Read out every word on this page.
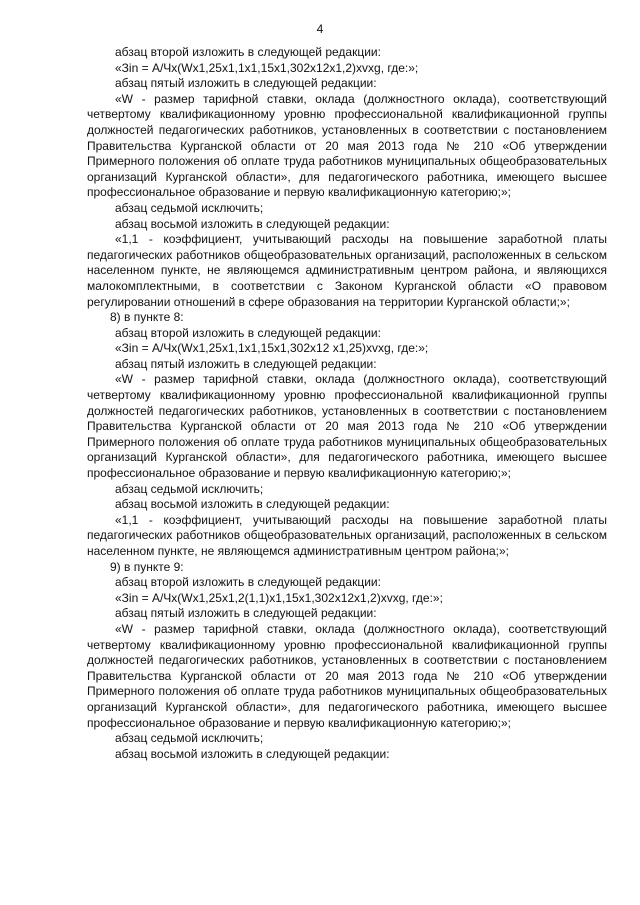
4

абзац второй изложить в следующей редакции:

«Зin = А/Чх(Wx1,25x1,1x1,15x1,302x12x1,2)xvxg, где:»;

абзац пятый изложить в следующей редакции:

«W - размер тарифной ставки, оклада (должностного оклада), соответствующий четвертому квалификационному уровню профессиональной квалификационной группы должностей педагогических работников, установленных в соответствии с постановлением Правительства Курганской области от 20 мая 2013 года № 210 «Об утверждении Примерного положения об оплате труда работников муниципальных общеобразовательных организаций Курганской области», для педагогического работника, имеющего высшее профессиональное образование и первую квалификационную категорию;»;

абзац седьмой исключить;

абзац восьмой изложить в следующей редакции:

«1,1 - коэффициент, учитывающий расходы на повышение заработной платы педагогических работников общеобразовательных организаций, расположенных в сельском населенном пункте, не являющемся административным центром района, и являющихся малокомплектными, в соответствии с Законом Курганской области «О правовом регулировании отношений в сфере образования на территории Курганской области;»;

8) в пункте 8:

абзац второй изложить в следующей редакции:

«Зin = А/Чх(Wx1,25x1,1x1,15x1,302x12 x1,25)xvxg, где:»;

абзац пятый изложить в следующей редакции:

«W - размер тарифной ставки, оклада (должностного оклада), соответствующий четвертому квалификационному уровню профессиональной квалификационной группы должностей педагогических работников, установленных в соответствии с постановлением Правительства Курганской области от 20 мая 2013 года № 210 «Об утверждении Примерного положения об оплате труда работников муниципальных общеобразовательных организаций Курганской области», для педагогического работника, имеющего высшее профессиональное образование и первую квалификационную категорию;»;

абзац седьмой исключить;

абзац восьмой изложить в следующей редакции:

«1,1 - коэффициент, учитывающий расходы на повышение заработной платы педагогических работников общеобразовательных организаций, расположенных в сельском населенном пункте, не являющемся административным центром района;»;

9) в пункте 9:

абзац второй изложить в следующей редакции:

«Зin = А/Чх(Wx1,25x1,2(1,1)x1,15x1,302x12x1,2)xvxg, где:»;

абзац пятый изложить в следующей редакции:

«W - размер тарифной ставки, оклада (должностного оклада), соответствующий четвертому квалификационному уровню профессиональной квалификационной группы должностей педагогических работников, установленных в соответствии с постановлением Правительства Курганской области от 20 мая 2013 года № 210 «Об утверждении Примерного положения об оплате труда работников муниципальных общеобразовательных организаций Курганской области», для педагогического работника, имеющего высшее профессиональное образование и первую квалификационную категорию;»;

абзац седьмой исключить;

абзац восьмой изложить в следующей редакции:
